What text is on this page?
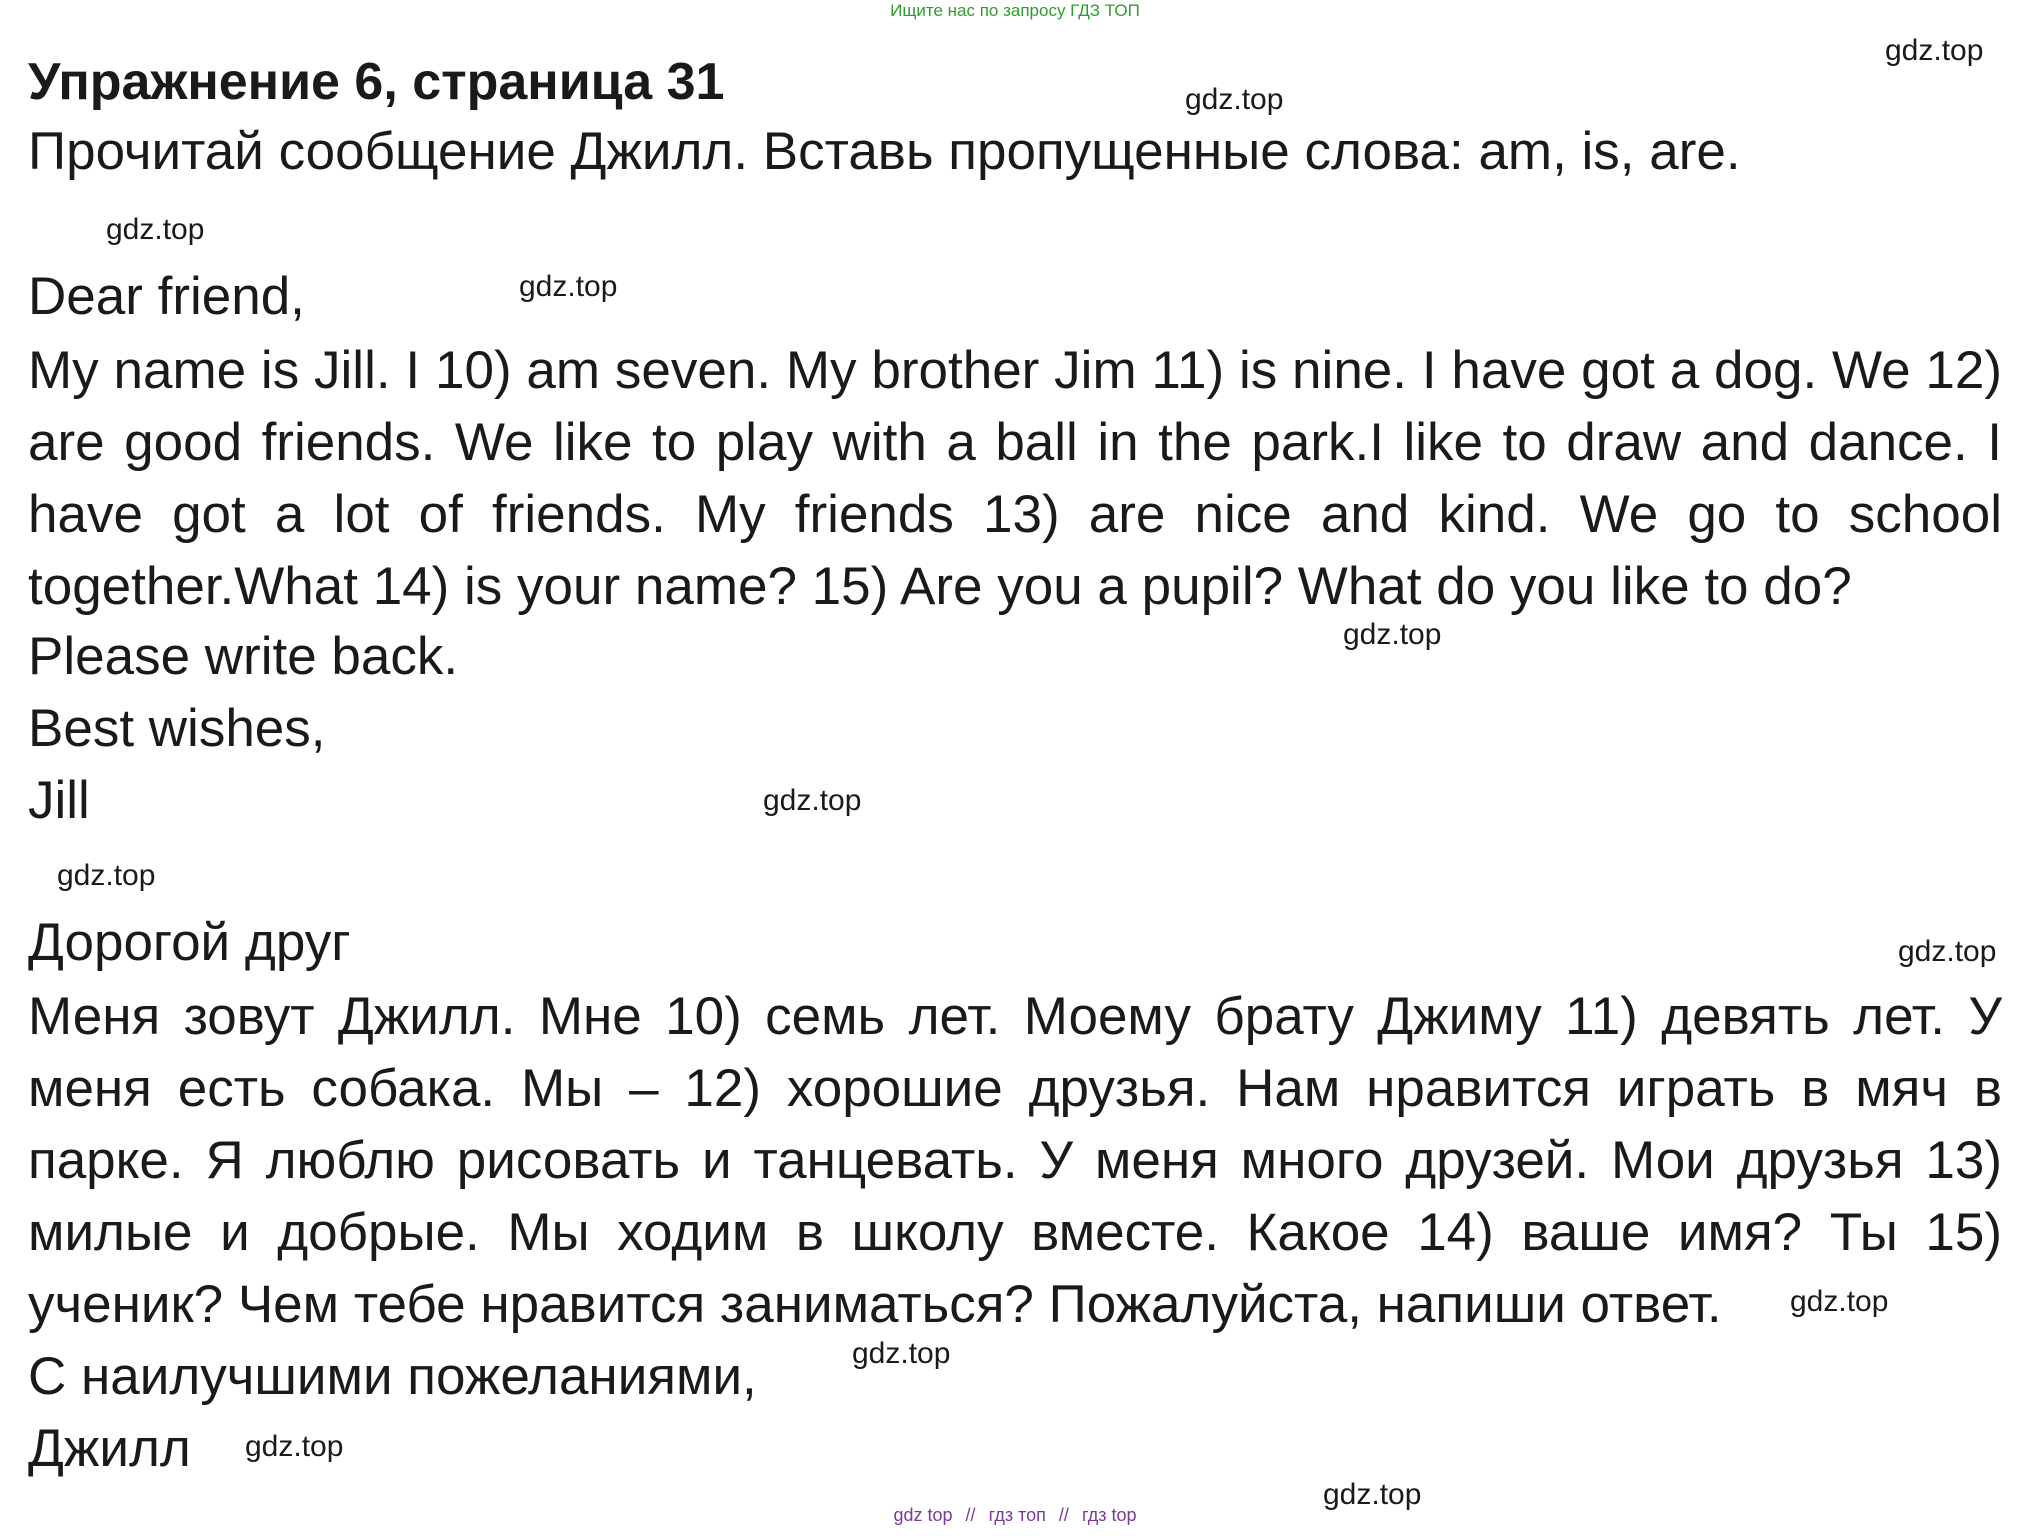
Ищите нас по запросу ГДЗ ТОП
Упражнение 6, страница 31
Прочитай сообщение Джилл. Вставь пропущенные слова: am, is, are.
Dear friend,
My name is Jill. I 10) am seven. My brother Jim 11) is nine. I have got a dog. We 12) are good friends. We like to play with a ball in the park.I like to draw and dance. I have got a lot of friends. My friends 13) are nice and kind. We go to school together.What 14) is your name? 15) Are you a pupil? What do you like to do?
Please write back.
Best wishes,
Jill
Дорогой друг
Меня зовут Джилл. Мне 10) семь лет. Моему брату Джиму 11) девять лет. У меня есть собака. Мы – 12) хорошие друзья. Нам нравится играть в мяч в парке. Я люблю рисовать и танцевать. У меня много друзей. Мои друзья 13) милые и добрые. Мы ходим в школу вместе. Какое 14) ваше имя? Ты 15) ученик? Чем тебе нравится заниматься? Пожалуйста, напиши ответ.
С наилучшими пожеланиями,
Джилл
gdz.top
gdz.top
gdz.top
gdz.top
gdz.top
gdz.top
gdz.top
gdz.top
gdz.top
gdz.top
gdz.top
gdz.top
gdz top // гдз топ // гдз top
